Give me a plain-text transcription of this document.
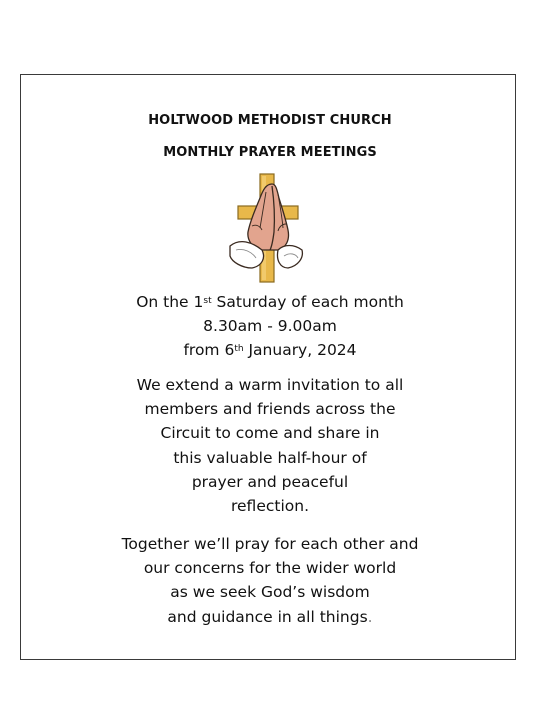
HOLTWOOD METHODIST CHURCH
MONTHLY PRAYER MEETINGS
On the 1st Saturday of each month
8.30am - 9.00am
from 6th January, 2024
We extend a warm invitation to all
members and friends across the
Circuit to come and share in
this valuable half-hour of
prayer and peaceful
reflection.
Together we’ll pray for each other and
our concerns for the wider world
as we seek God’s wisdom
and guidance in all things.
